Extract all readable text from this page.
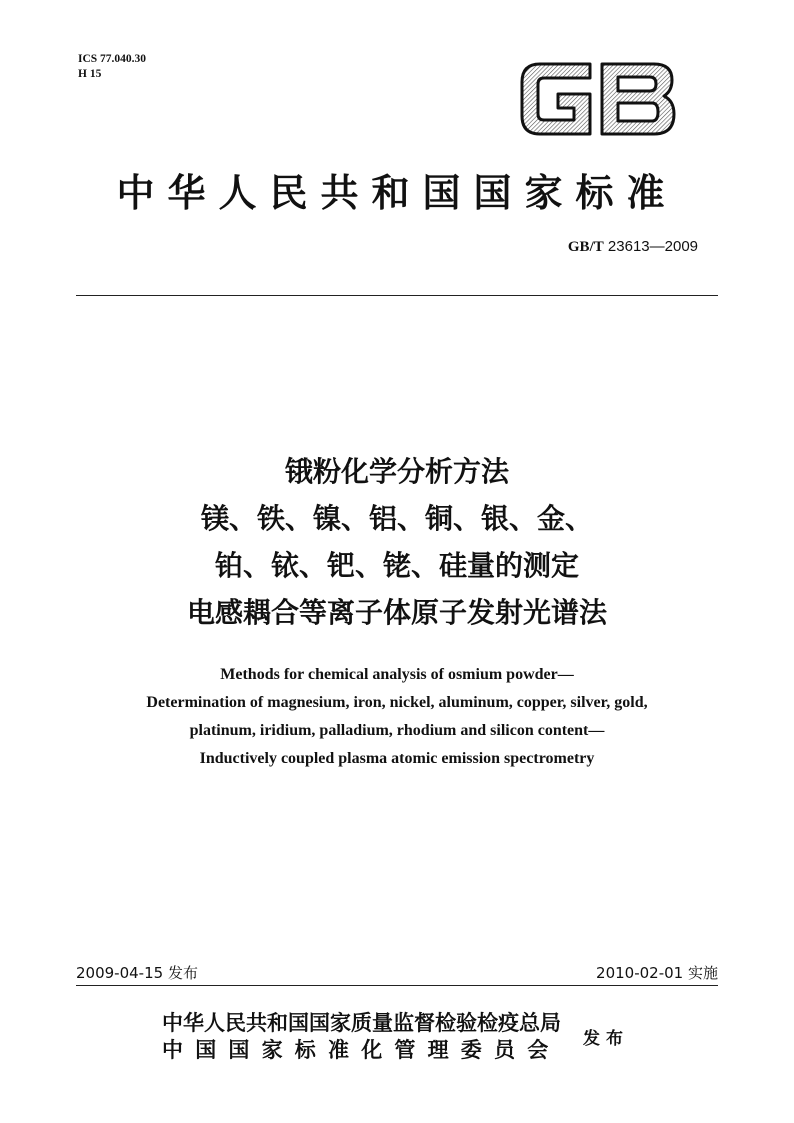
ICS 77.040.30
H 15
中华人民共和国国家标准
GB/T 23613—2009
锇粉化学分析方法
镁、铁、镍、铝、铜、银、金、
铂、铱、钯、铑、硅量的测定
电感耦合等离子体原子发射光谱法
Methods for chemical analysis of osmium powder—
Determination of magnesium, iron, nickel, aluminum, copper, silver, gold,
platinum, iridium, palladium, rhodium and silicon content—
Inductively coupled plasma atomic emission spectrometry
2009-04-15 发布	2010-02-01 实施
中华人民共和国国家质量监督检验检疫总局
中国国家标准化管理委员会 发布
